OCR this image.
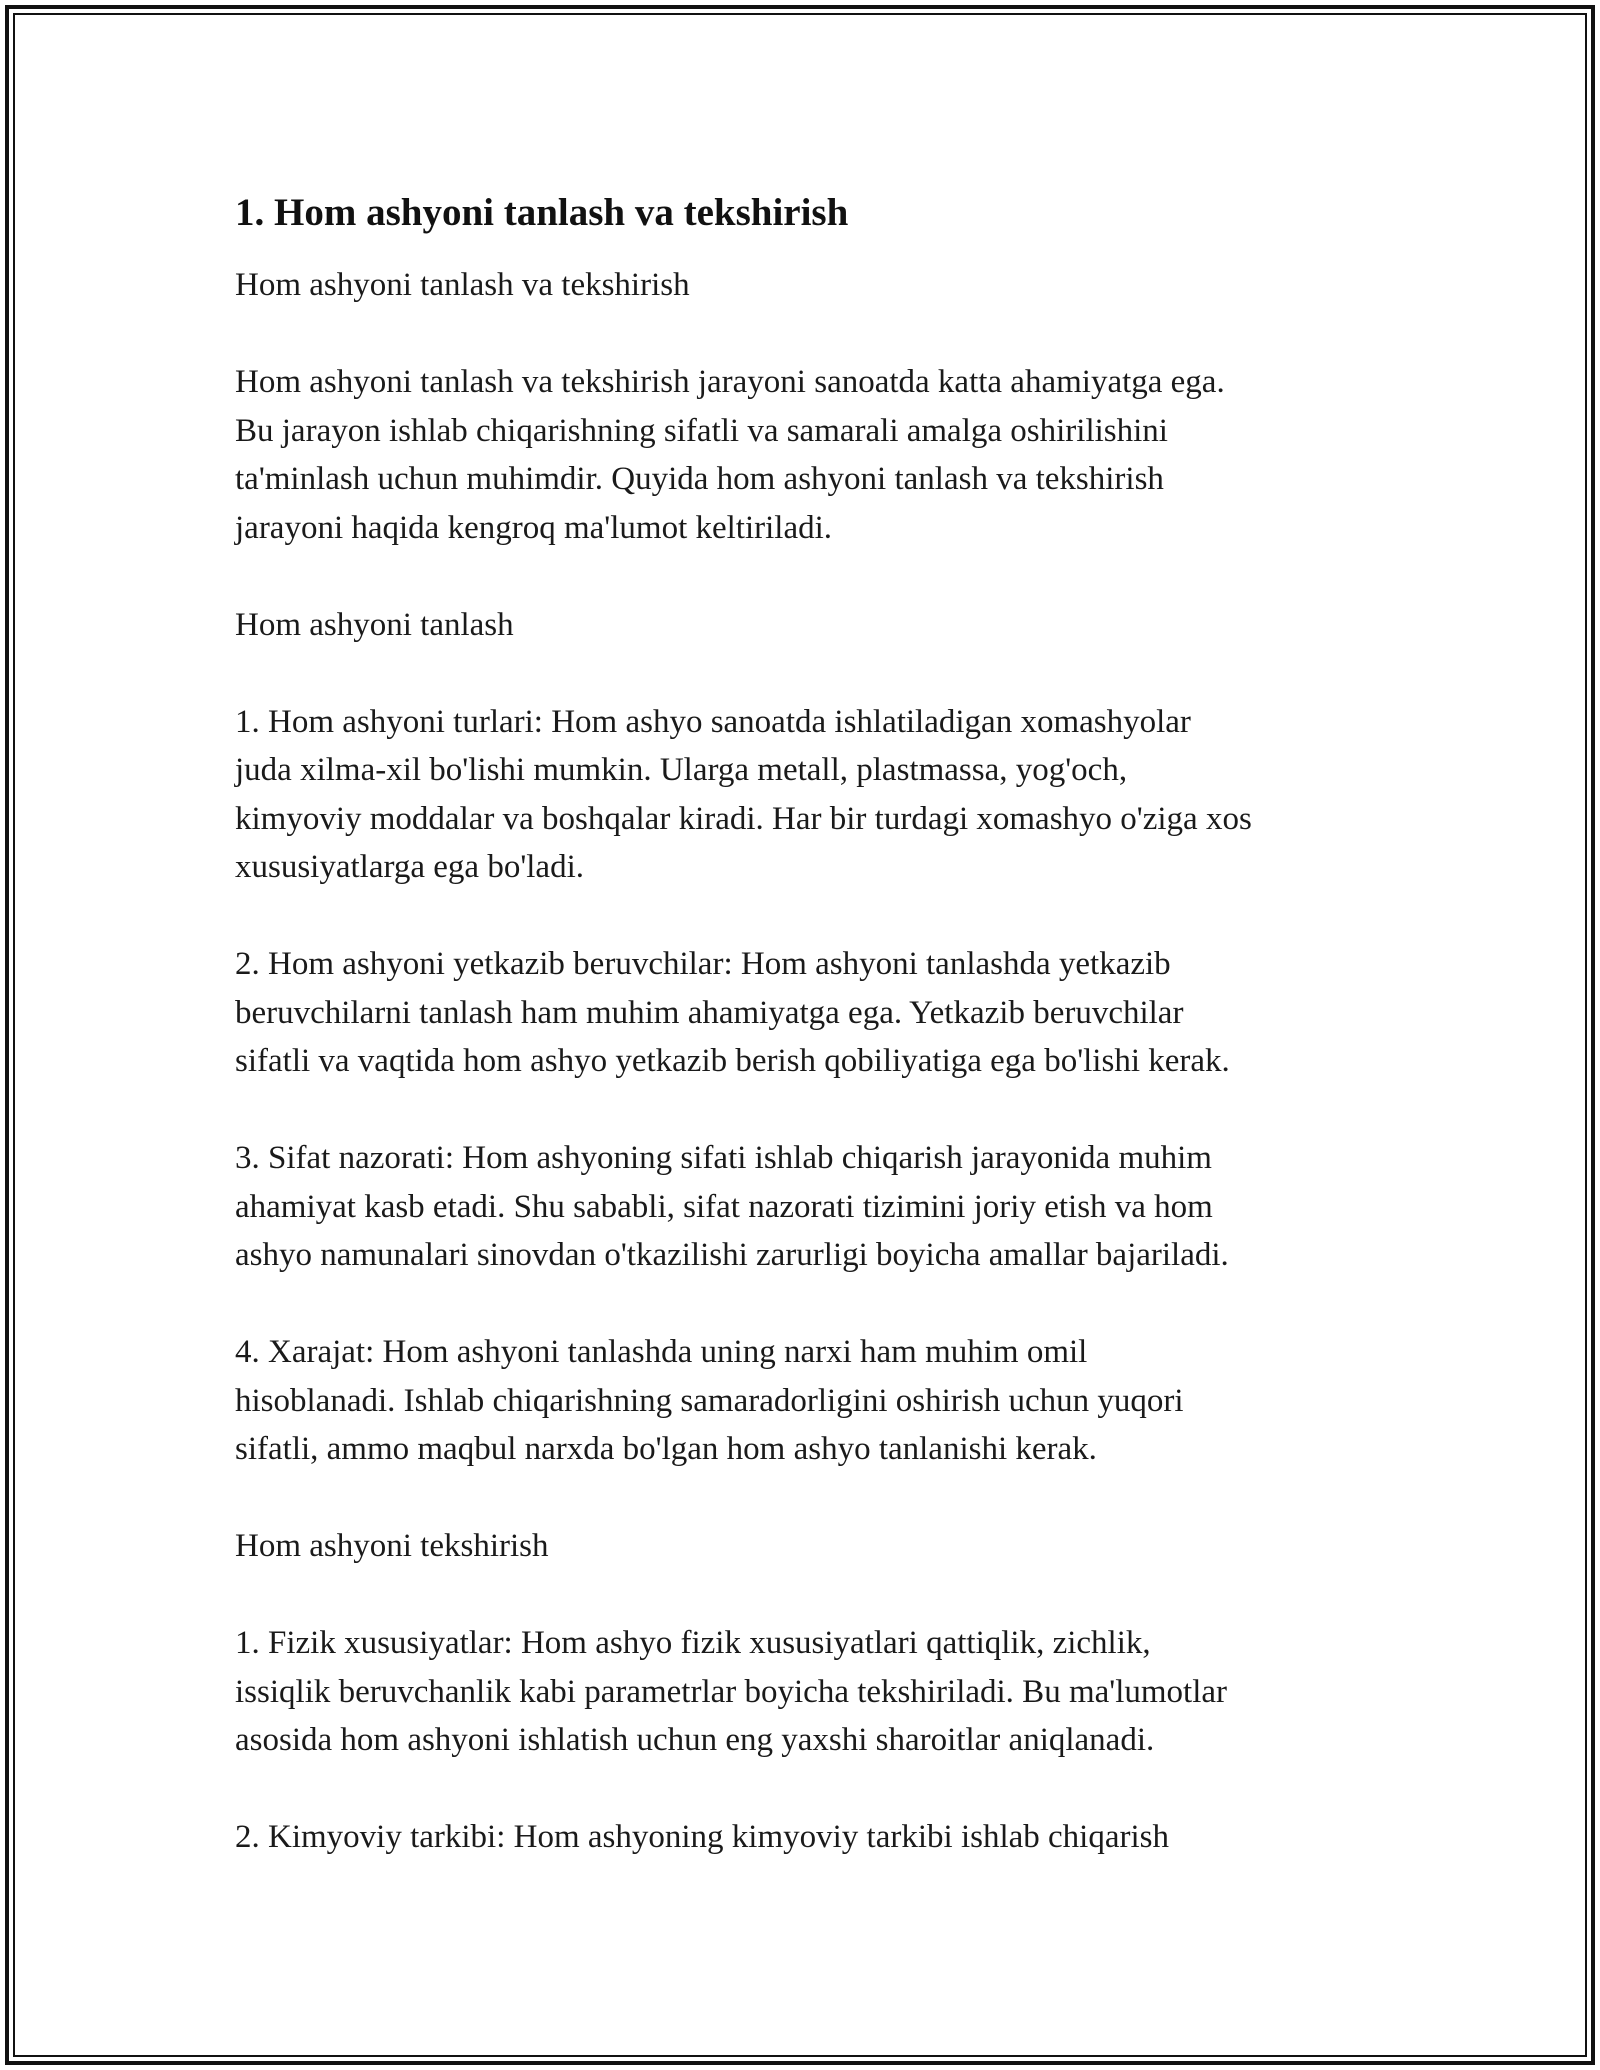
1. Hom ashyoni tanlash va tekshirish

Hom ashyoni tanlash va tekshirish

Hom ashyoni tanlash va tekshirish jarayoni sanoatda katta ahamiyatga ega.
Bu jarayon ishlab chiqarishning sifatli va samarali amalga oshirilishini
ta'minlash uchun muhimdir. Quyida hom ashyoni tanlash va tekshirish
jarayoni haqida kengroq ma'lumot keltiriladi.

Hom ashyoni tanlash

1. Hom ashyoni turlari: Hom ashyo sanoatda ishlatiladigan xomashyolar
juda xilma-xil bo'lishi mumkin. Ularga metall, plastmassa, yog'och,
kimyoviy moddalar va boshqalar kiradi. Har bir turdagi xomashyo o'ziga xos
xususiyatlarga ega bo'ladi.

2. Hom ashyoni yetkazib beruvchilar: Hom ashyoni tanlashda yetkazib
beruvchilarni tanlash ham muhim ahamiyatga ega. Yetkazib beruvchilar
sifatli va vaqtida hom ashyo yetkazib berish qobiliyatiga ega bo'lishi kerak.

3. Sifat nazorati: Hom ashyoning sifati ishlab chiqarish jarayonida muhim
ahamiyat kasb etadi. Shu sababli, sifat nazorati tizimini joriy etish va hom
ashyo namunalari sinovdan o'tkazilishi zarurligi boyicha amallar bajariladi.

4. Xarajat: Hom ashyoni tanlashda uning narxi ham muhim omil
hisoblanadi. Ishlab chiqarishning samaradorligini oshirish uchun yuqori
sifatli, ammo maqbul narxda bo'lgan hom ashyo tanlanishi kerak.

Hom ashyoni tekshirish

1. Fizik xususiyatlar: Hom ashyo fizik xususiyatlari qattiqlik, zichlik,
issiqlik beruvchanlik kabi parametrlar boyicha tekshiriladi. Bu ma'lumotlar
asosida hom ashyoni ishlatish uchun eng yaxshi sharoitlar aniqlanadi.

2. Kimyoviy tarkibi: Hom ashyoning kimyoviy tarkibi ishlab chiqarish
